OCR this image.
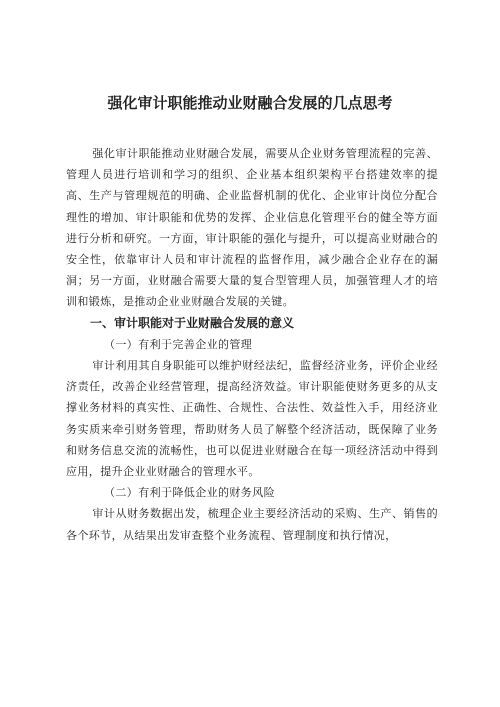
强化审计职能推动业财融合发展的几点思考

强化审计职能推动业财融合发展，需要从企业财务管理流程的完善、管理人员进行培训和学习的组织、企业基本组织架构平台搭建效率的提高、生产与管理规范的明确、企业监督机制的优化、企业审计岗位分配合理性的增加、审计职能和优势的发挥、企业信息化管理平台的健全等方面进行分析和研究。一方面，审计职能的强化与提升，可以提高业财融合的安全性，依靠审计人员和审计流程的监督作用，减少融合企业存在的漏洞；另一方面，业财融合需要大量的复合型管理人员，加强管理人才的培训和锻炼，是推动企业业财融合发展的关键。

一、审计职能对于业财融合发展的意义

（一）有利于完善企业的管理

审计利用其自身职能可以维护财经法纪，监督经济业务，评价企业经济责任，改善企业经营管理，提高经济效益。审计职能使财务更多的从支撑业务材料的真实性、正确性、合规性、合法性、效益性入手，用经济业务实质来牵引财务管理，帮助财务人员了解整个经济活动，既保障了业务和财务信息交流的流畅性，也可以促进业财融合在每一项经济活动中得到应用，提升企业业财融合的管理水平。

（二）有利于降低企业的财务风险

审计从财务数据出发，梳理企业主要经济活动的采购、生产、销售的各个环节，从结果出发审查整个业务流程、管理制度和执行情况，
